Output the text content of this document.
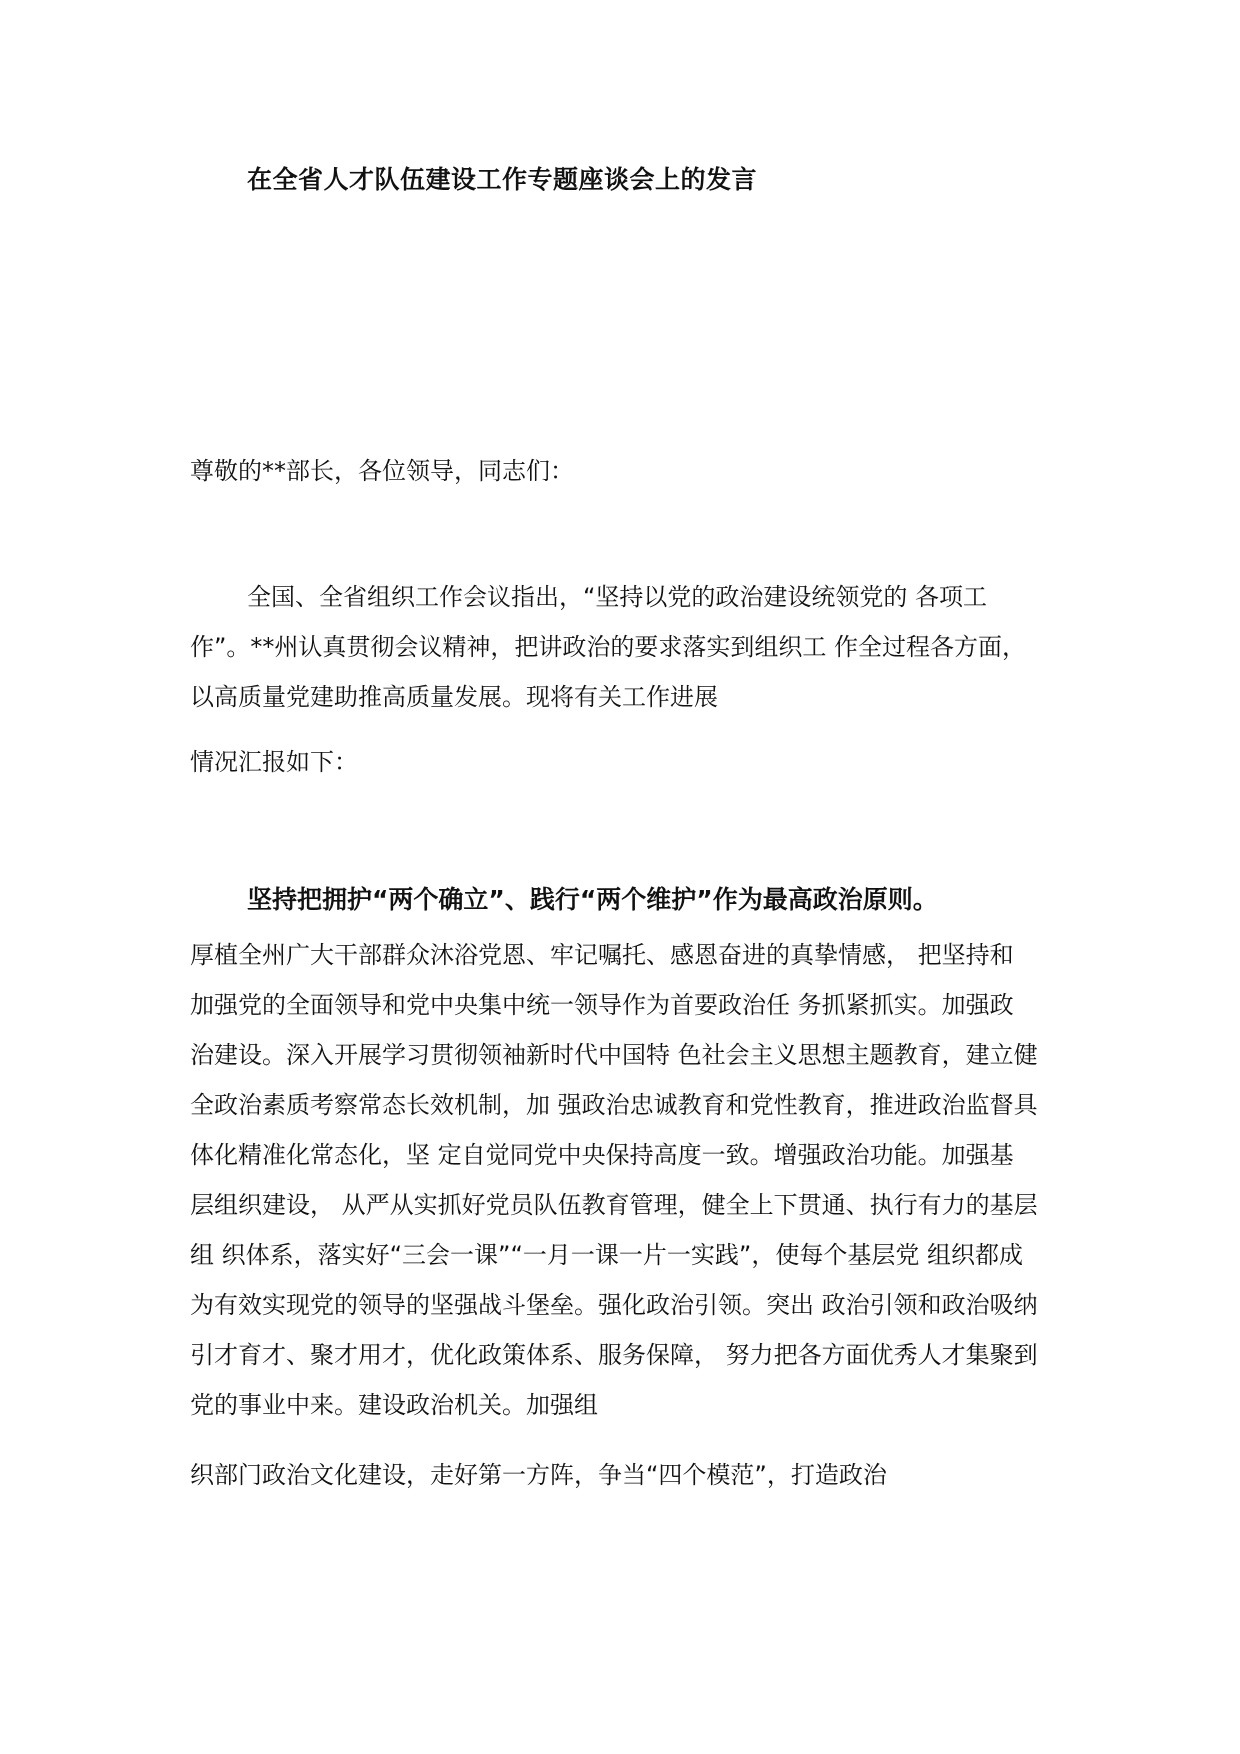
在全省人才队伍建设工作专题座谈会上的发言
尊敬的**部长，各位领导，同志们：
全国、全省组织工作会议指出，“坚持以党的政治建设统领党的 各项工
作”。**州认真贯彻会议精神，把讲政治的要求落实到组织工 作全过程各方面，
以高质量党建助推高质量发展。现将有关工作进展
情况汇报如下：
坚持把拥护“两个确立”、践行“两个维护”作为最高政治原则。
厚植全州广大干部群众沐浴党恩、牢记嘱托、感恩奋进的真挚情感， 把坚持和
加强党的全面领导和党中央集中统一领导作为首要政治任 务抓紧抓实。加强政
治建设。深入开展学习贯彻领袖新时代中国特 色社会主义思想主题教育，建立健
全政治素质考察常态长效机制，加 强政治忠诚教育和党性教育，推进政治监督具
体化精准化常态化，坚 定自觉同党中央保持高度一致。增强政治功能。加强基
层组织建设， 从严从实抓好党员队伍教育管理，健全上下贯通、执行有力的基层
组 织体系，落实好“三会一课”“一月一课一片一实践”，使每个基层党 组织都成
为有效实现党的领导的坚强战斗堡垒。强化政治引领。突出 政治引领和政治吸纳
引才育才、聚才用才，优化政策体系、服务保障， 努力把各方面优秀人才集聚到
党的事业中来。建设政治机关。加强组
织部门政治文化建设，走好第一方阵，争当“四个模范”，打造政治
